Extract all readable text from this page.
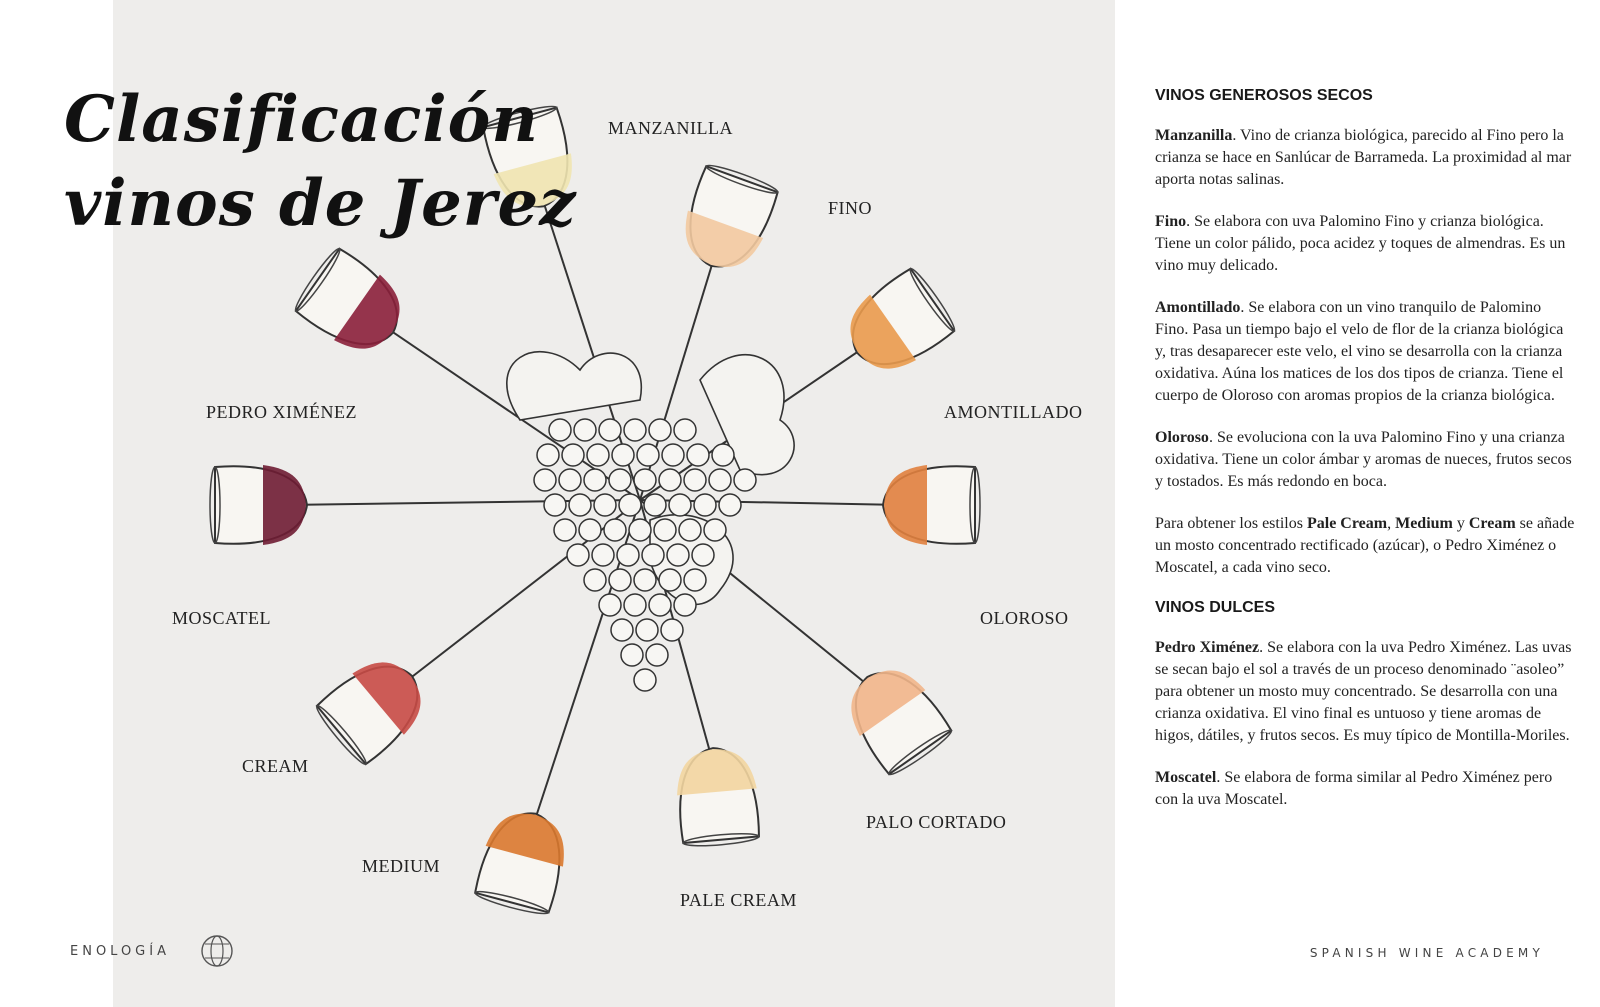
Clasificación
vinos de Jerez
MANZANILLA
FINO
AMONTILLADO
OLOROSO
PALO CORTADO
PALE CREAM
MEDIUM
CREAM
MOSCATEL
PEDRO XIMÉNEZ
ENOLOGÍA
VINOS GENEROSOS SECOS

Manzanilla. Vino de crianza biológica, parecido al Fino pero la crianza se hace en Sanlúcar de Barrameda. La proximidad al mar aporta notas salinas.

Fino. Se elabora con uva Palomino Fino y crianza biológica. Tiene un color pálido, poca acidez y toques de almendras. Es un vino muy delicado.

Amontillado. Se elabora con un vino tranquilo de Palomino Fino. Pasa un tiempo bajo el velo de flor de la crianza biológica y, tras desaparecer este velo, el vino se desarrolla con la crianza oxidativa. Aúna los matices de los dos tipos de crianza. Tiene el cuerpo de Oloroso con aromas propios de la crianza biológica.

Oloroso. Se evoluciona con la uva Palomino Fino y una crianza oxidativa. Tiene un color ámbar y aromas de nueces, frutos secos y tostados. Es más redondo en boca.

Para obtener los estilos Pale Cream, Medium y Cream se añade un mosto concentrado rectificado (azúcar), o Pedro Ximénez o Moscatel, a cada vino seco.

VINOS DULCES

Pedro Ximénez. Se elabora con la uva Pedro Ximénez. Las uvas se secan bajo el sol a través de un proceso denominado ¨asoleo” para obtener un mosto muy concentrado. Se desarrolla con una crianza oxidativa. El vino final es untuoso y tiene aromas de higos, dátiles, y frutos secos. Es muy típico de Montilla-Moriles.

Moscatel. Se elabora de forma similar al Pedro Ximénez pero con la uva Moscatel.

SPANISH WINE ACADEMY
